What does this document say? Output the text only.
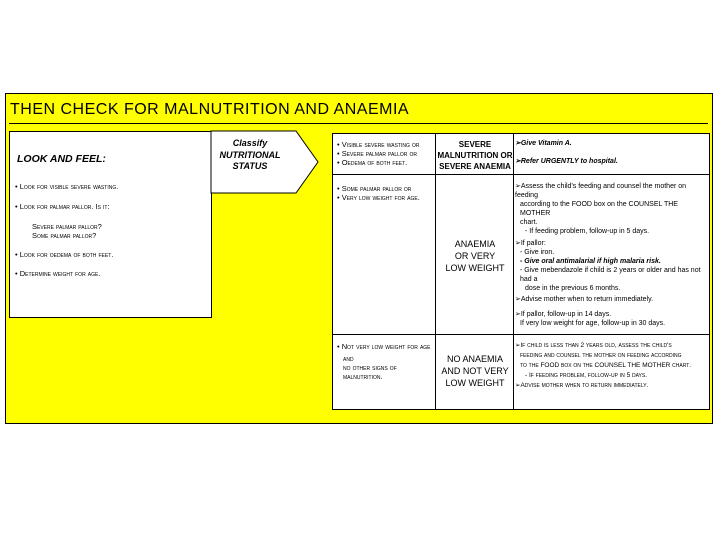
THEN CHECK FOR MALNUTRITION AND ANAEMIA
LOOK AND FEEL:
• Look for visible severe wasting.
• Look for palmar pallor. Is it:
Severe palmar pallor?
Some palmar pallor?
• Look for oedema of both feet.
• Determine weight for age.
Classify
NUTRITIONAL
STATUS
• Visible severe wasting or
• Severe palmar pallor or
• Oedema of both feet.
SEVERE
MALNUTRITION OR
SEVERE ANAEMIA
➢Give Vitamin A.
➢Refer URGENTLY to hospital.
• Some palmar pallor or
• Very low weight for age.
ANAEMIA
OR VERY
LOW WEIGHT
➢Assess the child's feeding and counsel the mother on feeding
according to the FOOD box on the COUNSEL THE MOTHER
chart.
- If feeding problem, follow-up in 5 days.
➢If pallor:
- Give iron.
- Give oral antimalarial if high malaria risk.
- Give mebendazole if child is 2 years or older and has not had a
dose in the previous 6 months.
➢Advise mother when to return immediately.
➢If pallor, follow-up in 14 days.
If very low weight for age, follow-up in 30 days.
• Not very low weight for age
and
no other signs of
malnutrition.
NO ANAEMIA
AND NOT VERY
LOW WEIGHT
➢If child is less than 2 years old, assess the child's
feeding and counsel the mother on feeding according
to the FOOD box on the COUNSEL THE MOTHER chart.
- If feeding problem, follow-up in 5 days.
➢Advise mother when to return immediately.
